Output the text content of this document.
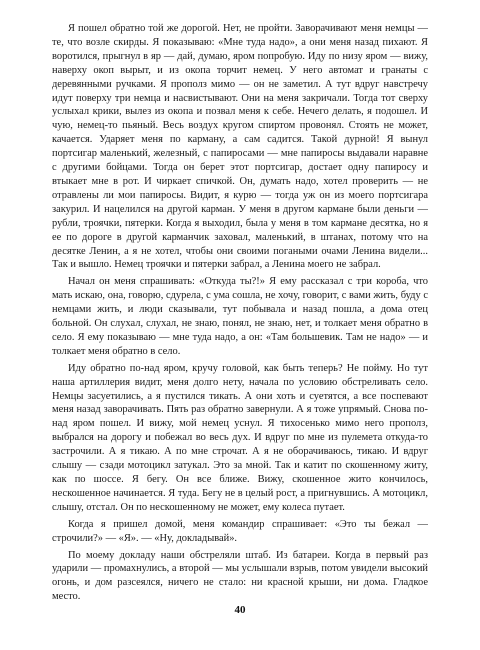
Я пошел обратно той же дорогой. Нет, не пройти. Заворачивают меня немцы — те, что возле скирды. Я показываю: «Мне туда надо», а они меня назад пихают. Я воротился, прыгнул в яр — дай, думаю, яром попробую. Иду по низу яром — вижу, наверху окоп вырыт, и из окопа торчит немец. У него автомат и гранаты с деревянными ручками. Я прополз мимо — он не заметил. А тут вдруг навстречу идут поверху три немца и насвистывают. Они на меня закричали. Тогда тот сверху услыхал крики, вылез из окопа и позвал меня к себе. Нечего делать, я подошел. И чую, немец-то пьяный. Весь воздух кругом спиртом провонял. Стоять не может, качается. Ударяет меня по карману, а сам садится. Такой дурной! Я вынул портсигар маленький, железный, с папиросами — мне папиросы выдавали наравне с другими бойцами. Тогда он берет этот портсигар, достает одну папиросу и втыкает мне в рот. И чиркает спичкой. Он, думать надо, хотел проверить — не отравлены ли мои папиросы. Видит, я курю — тогда уж он из моего портсигара закурил. И нацелился на другой карман. У меня в другом кармане были деньги — рубли, троячки, пятерки. Когда я выходил, была у меня в том кармане десятка, но я ее по дороге в другой карманчик заховал, маленький, в штанах, потому что на десятке Ленин, а я не хотел, чтобы они своими погаными очами Ленина видели... Так и вышло. Немец троячки и пятерки забрал, а Ленина моего не забрал.

Начал он меня спрашивать: «Откуда ты?!» Я ему рассказал с три короба, что мать искаю, она, говорю, сдурела, с ума сошла, не хочу, говорит, с вами жить, буду с немцами жить, и люди сказывали, тут побывала и назад пошла, а дома отец больной. Он слухал, слухал, не знаю, понял, не знаю, нет, и толкает меня обратно в село. Я ему показываю — мне туда надо, а он: «Там большевик. Там не надо» — и толкает меня обратно в село.

Иду обратно по-над яром, кручу головой, как быть теперь? Не пойму. Но тут наша артиллерия видит, меня долго нету, начала по условию обстреливать село. Немцы засуетились, а я пустился тикать. А они хоть и суетятся, а все поспевают меня назад заворачивать. Пять раз обратно завернули. А я тоже упрямый. Снова по-над яром пошел. И вижу, мой немец уснул. Я тихосенько мимо него прополз, выбрался на дорогу и побежал во весь дух. И вдруг по мне из пулемета откуда-то застрочили. А я тикаю. А по мне строчат. А я не оборачиваюсь, тикаю. И вдруг слышу — сзади мотоцикл затукал. Это за мной. Так и катит по скошенному житу, как по шоссе. Я бегу. Он все ближе. Вижу, скошенное жито кончилось, нескошенное начинается. Я туда. Бегу не в целый рост, а пригнувшись. А мотоцикл, слышу, отстал. Он по нескошенному не может, ему колеса путает.

Когда я пришел домой, меня командир спрашивает: «Это ты бежал — строчили?» — «Я». — «Ну, докладывай».

По моему докладу наши обстреляли штаб. Из батареи. Когда в первый раз ударили — промахнулись, а второй — мы услышали взрыв, потом увидели высокий огонь, и дом разсеялся, ничего не стало: ни красной крыши, ни дома. Гладкое место.

40
